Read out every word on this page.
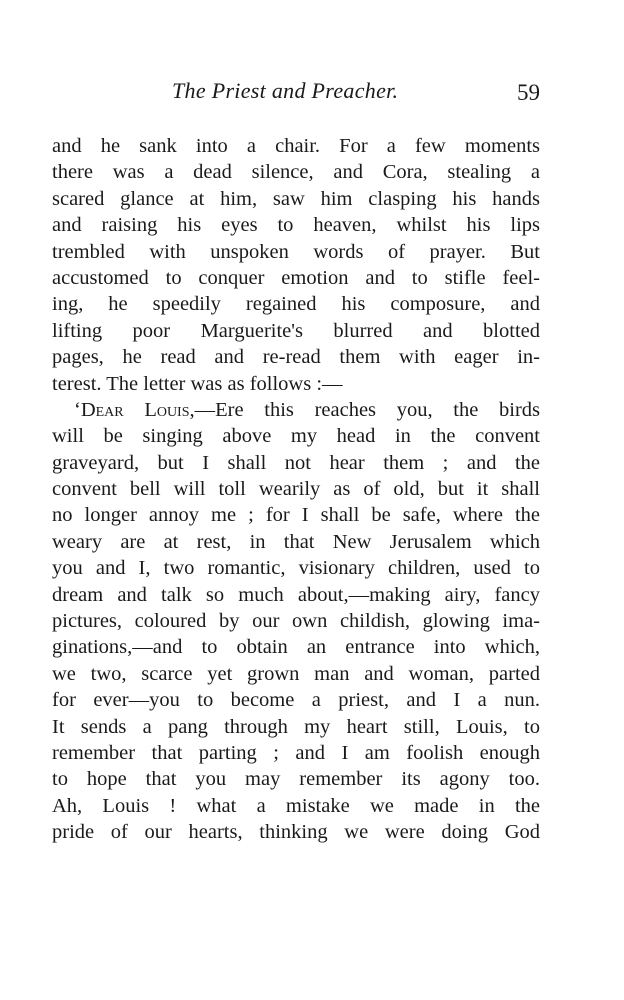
The Priest and Preacher.	59
and he sank into a chair. For a few moments
there was a dead silence, and Cora, stealing a
scared glance at him, saw him clasping his hands
and raising his eyes to heaven, whilst his lips
trembled with unspoken words of prayer. But
accustomed to conquer emotion and to stifle feel-
ing, he speedily regained his composure, and
lifting poor Marguerite's blurred and blotted
pages, he read and re-read them with eager in-
terest. The letter was as follows :—
‘Dear Louis,—Ere this reaches you, the birds
will be singing above my head in the convent
graveyard, but I shall not hear them ; and the
convent bell will toll wearily as of old, but it shall
no longer annoy me ; for I shall be safe, where the
weary are at rest, in that New Jerusalem which
you and I, two romantic, visionary children, used to
dream and talk so much about,—making airy, fancy
pictures, coloured by our own childish, glowing ima-
ginations,—and to obtain an entrance into which,
we two, scarce yet grown man and woman, parted
for ever—you to become a priest, and I a nun.
It sends a pang through my heart still, Louis, to
remember that parting ; and I am foolish enough
to hope that you may remember its agony too.
Ah, Louis ! what a mistake we made in the
pride of our hearts, thinking we were doing God
